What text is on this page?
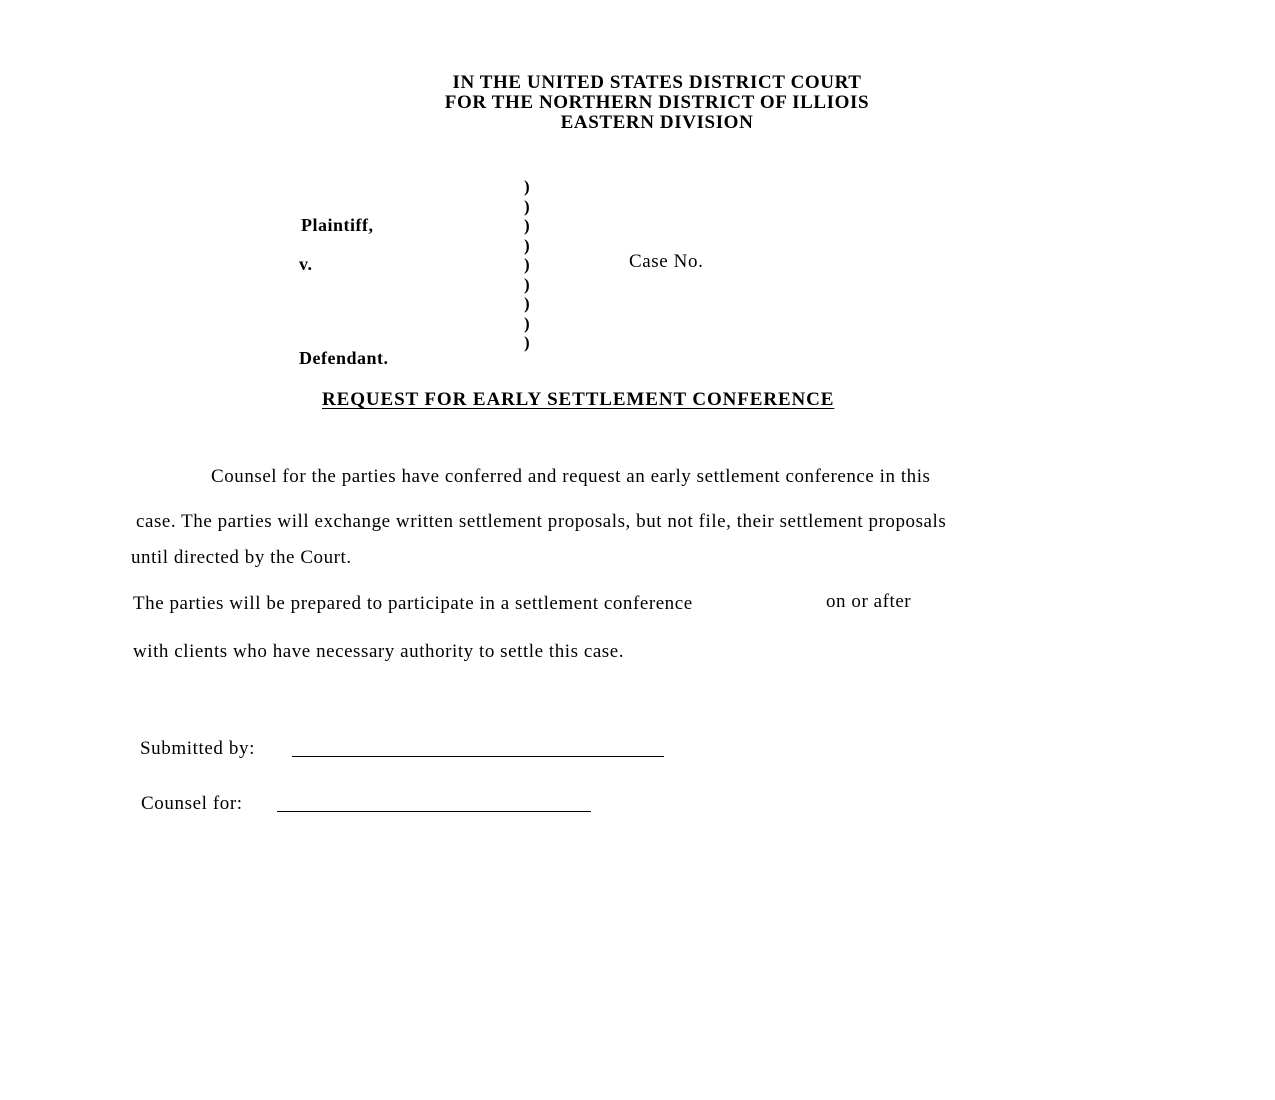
IN THE UNITED STATES DISTRICT COURT
FOR THE NORTHERN DISTRICT OF ILLIOIS
EASTERN DIVISION
Plaintiff,
v.
Defendant.
)
)
)
)
)
)
)
)
)
Case No.
REQUEST FOR EARLY SETTLEMENT CONFERENCE
Counsel for the parties have conferred and request an early settlement conference in this
case. The parties will exchange written settlement proposals, but not file, their settlement proposals
until directed by the Court.
The parties will be prepared to participate in a settlement conference	on or after
with clients who have necessary authority to settle this case.
Submitted by:
Counsel for:
